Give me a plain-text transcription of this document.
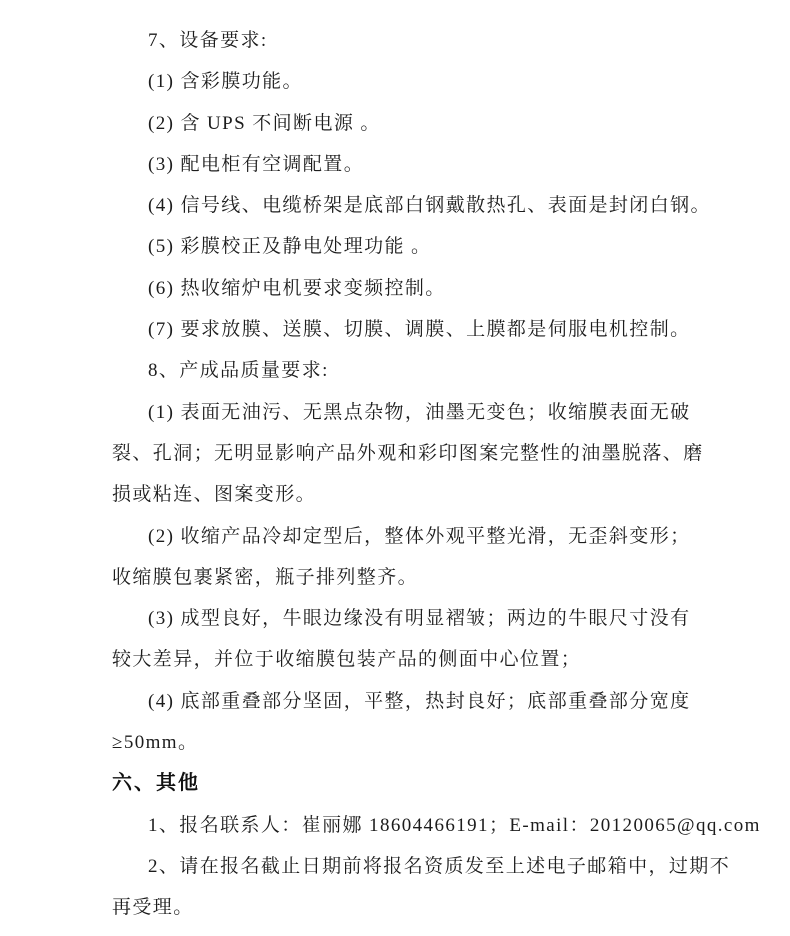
7、设备要求:
(1) 含彩膜功能。
(2) 含 UPS 不间断电源 。
(3) 配电柜有空调配置。
(4) 信号线、电缆桥架是底部白钢戴散热孔、表面是封闭白钢。
(5) 彩膜校正及静电处理功能 。
(6) 热收缩炉电机要求变频控制。
(7) 要求放膜、送膜、切膜、调膜、上膜都是伺服电机控制。
8、产成品质量要求:
(1) 表面无油污、无黑点杂物，油墨无变色；收缩膜表面无破
裂、孔洞；无明显影响产品外观和彩印图案完整性的油墨脱落、磨
损或粘连、图案变形。
(2) 收缩产品冷却定型后，整体外观平整光滑，无歪斜变形；
收缩膜包裹紧密，瓶子排列整齐。
(3) 成型良好，牛眼边缘没有明显褶皱；两边的牛眼尺寸没有
较大差异，并位于收缩膜包装产品的侧面中心位置；
(4) 底部重叠部分坚固，平整，热封良好；底部重叠部分宽度
≥50mm。
六、其他
1、报名联系人：崔丽娜 18604466191；E-mail：20120065@qq.com
2、请在报名截止日期前将报名资质发至上述电子邮箱中，过期不
再受理。
